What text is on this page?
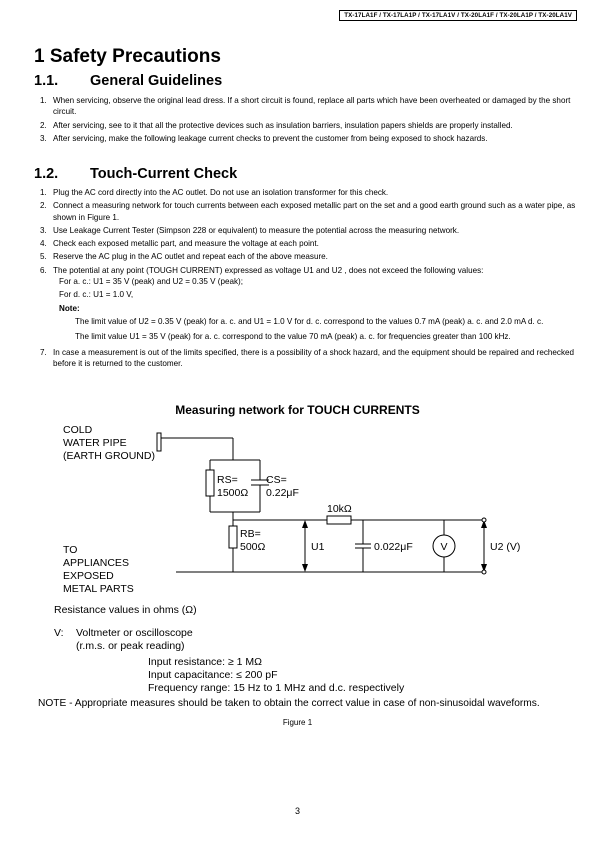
TX-17LA1F / TX-17LA1P / TX-17LA1V / TX-20LA1F / TX-20LA1P / TX-20LA1V
1 Safety Precautions
1.1. General Guidelines
1. When servicing, observe the original lead dress. If a short circuit is found, replace all parts which have been overheated or damaged by the short circuit.
2. After servicing, see to it that all the protective devices such as insulation barriers, insulation papers shields are properly installed.
3. After servicing, make the following leakage current checks to prevent the customer from being exposed to shock hazards.
1.2. Touch-Current Check
1. Plug the AC cord directly into the AC outlet. Do not use an isolation transformer for this check.
2. Connect a measuring network for touch currents between each exposed metallic part on the set and a good earth ground such as a water pipe, as shown in Figure 1.
3. Use Leakage Current Tester (Simpson 228 or equivalent) to measure the potential across the measuring network.
4. Check each exposed metallic part, and measure the voltage at each point.
5. Reserve the AC plug in the AC outlet and repeat each of the above measure.
6. The potential at any point (TOUGH CURRENT) expressed as voltage U1 and U2 , does not exceed the following values:
For a. c.: U1 = 35 V (peak) and U2 = 0.35 V (peak);
For d. c.: U1 = 1.0 V,
Note:
The limit value of U2 = 0.35 V (peak) for a. c. and U1 = 1.0 V for d. c. correspond to the values 0.7 mA (peak) a. c. and 2.0 mA d. c.
The limit value U1 = 35 V (peak) for a. c. correspond to the value 70 mA (peak) a. c. for frequencies greater than 100 kHz.
7. In case a measurement is out of the limits specified, there is a possibility of a shock hazard, and the equipment should be repaired and rechecked before it is returned to the customer.
Measuring network for TOUCH CURRENTS
COLD
WATER PIPE
(EARTH GROUND)
RS=
1500Ω
CS=
0.22μF
10kΩ
RB=
500Ω	U1	0.022μF	V	U2 (V)
TO
APPLIANCES
EXPOSED
METAL PARTS
Resistance values in ohms (Ω)
V: Voltmeter or oscilloscope
(r.m.s. or peak reading)
Input resistance: ≥ 1 MΩ
Input capacitance: ≤ 200 pF
Frequency range: 15 Hz to 1 MHz and d.c. respectively
NOTE - Appropriate measures should be taken to obtain the correct value in case of non-sinusoidal waveforms.
Figure 1
3
